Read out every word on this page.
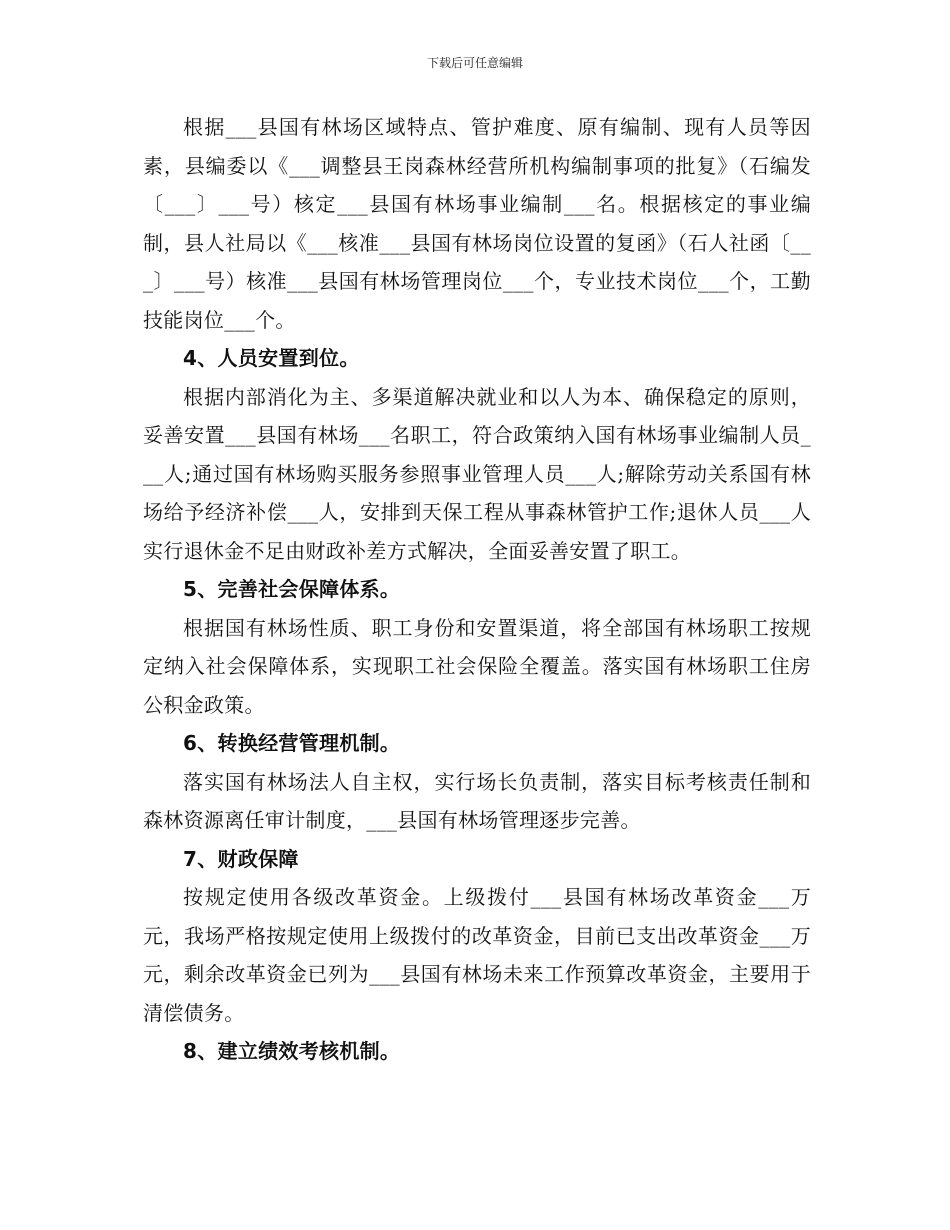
下载后可任意编辑

根据___县国有林场区域特点、管护难度、原有编制、现有人员等因素，县编委以《___调整县王岗森林经营所机构编制事项的批复》（石编发〔___〕___号）核定___县国有林场事业编制___名。根据核定的事业编制，县人社局以《___核准___县国有林场岗位设置的复函》（石人社函〔___〕___号）核准___县国有林场管理岗位___个，专业技术岗位___个，工勤技能岗位___个。

4、人员安置到位。

根据内部消化为主、多渠道解决就业和以人为本、确保稳定的原则，妥善安置___县国有林场___名职工，符合政策纳入国有林场事业编制人员___人;通过国有林场购买服务参照事业管理人员___人;解除劳动关系国有林场给予经济补偿___人，安排到天保工程从事森林管护工作;退休人员___人实行退休金不足由财政补差方式解决，全面妥善安置了职工。

5、完善社会保障体系。

根据国有林场性质、职工身份和安置渠道，将全部国有林场职工按规定纳入社会保障体系，实现职工社会保险全覆盖。落实国有林场职工住房公积金政策。

6、转换经营管理机制。

落实国有林场法人自主权，实行场长负责制，落实目标考核责任制和森林资源离任审计制度，___县国有林场管理逐步完善。

7、财政保障

按规定使用各级改革资金。上级拨付___县国有林场改革资金___万元，我场严格按规定使用上级拨付的改革资金，目前已支出改革资金___万元，剩余改革资金已列为___县国有林场未来工作预算改革资金，主要用于清偿债务。

8、建立绩效考核机制。
